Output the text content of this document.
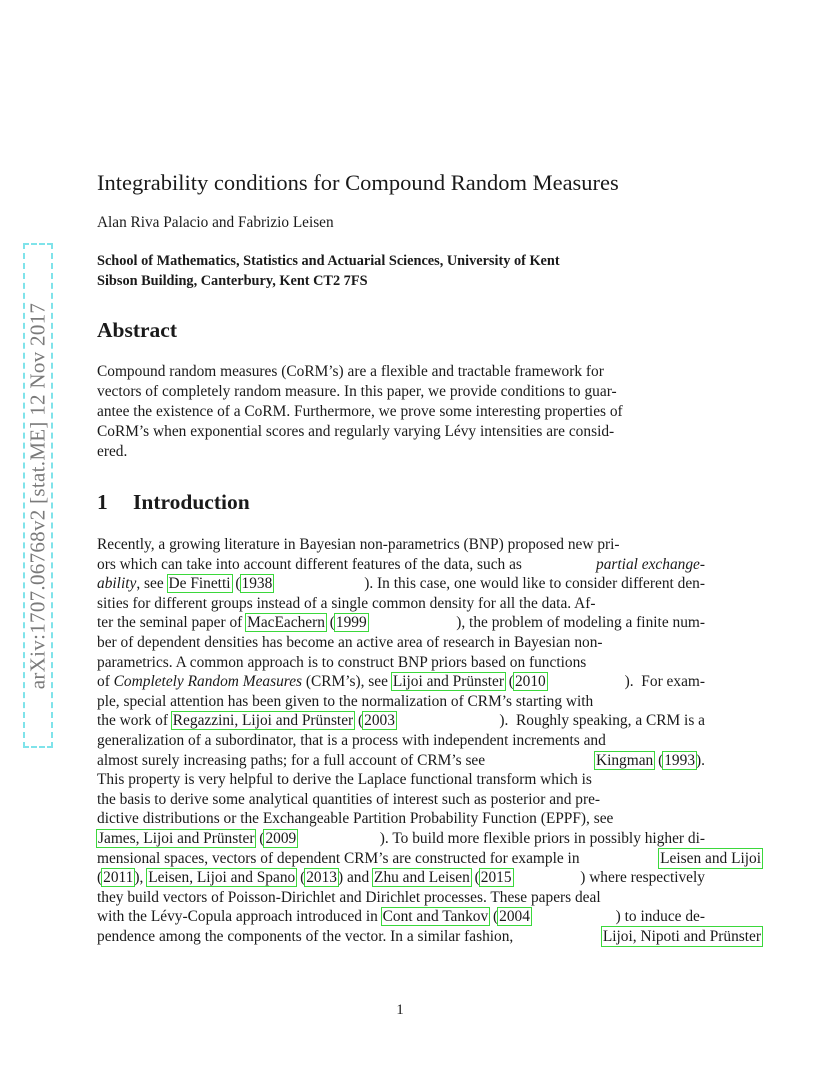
arXiv:1707.06768v2 [stat.ME] 12 Nov 2017
Integrability conditions for Compound Random Measures
Alan Riva Palacio and Fabrizio Leisen
School of Mathematics, Statistics and Actuarial Sciences, University of Kent
Sibson Building, Canterbury, Kent CT2 7FS
Abstract
Compound random measures (CoRM’s) are a flexible and tractable framework for
vectors of completely random measure. In this paper, we provide conditions to guar-
antee the existence of a CoRM. Furthermore, we prove some interesting properties of
CoRM’s when exponential scores and regularly varying Lévy intensities are consid-
ered.
1 Introduction
Recently, a growing literature in Bayesian non-parametrics (BNP) proposed new pri-
ors which can take into account different features of the data, such as	partial exchange-
ability, see De Finetti (1938	). In this case, one would like to consider different den-
sities for different groups instead of a single common density for all the data. Af-
ter the seminal paper of MacEachern (1999	), the problem of modeling a finite num-
ber of dependent densities has become an active area of research in Bayesian non-
parametrics. A common approach is to construct BNP priors based on functions
of Completely Random Measures (CRM’s), see Lijoi and Prünster (2010	).  For exam-
ple, special attention has been given to the normalization of CRM’s starting with
the work of Regazzini, Lijoi and Prünster (2003	).  Roughly speaking, a CRM is a
generalization of a subordinator, that is a process with independent increments and
almost surely increasing paths; for a full account of CRM’s see	Kingman (1993).
This property is very helpful to derive the Laplace functional transform which is
the basis to derive some analytical quantities of interest such as posterior and pre-
dictive distributions or the Exchangeable Partition Probability Function (EPPF), see
James, Lijoi and Prünster (2009	). To build more flexible priors in possibly higher di-
mensional spaces, vectors of dependent CRM’s are constructed for example in	Leisen and Lijoi
(2011), Leisen, Lijoi and Spano (2013) and Zhu and Leisen (2015	) where respectively
they build vectors of Poisson-Dirichlet and Dirichlet processes. These papers deal
with the Lévy-Copula approach introduced in Cont and Tankov (2004	) to induce de-
pendence among the components of the vector. In a similar fashion,	Lijoi, Nipoti and Prünster
1
